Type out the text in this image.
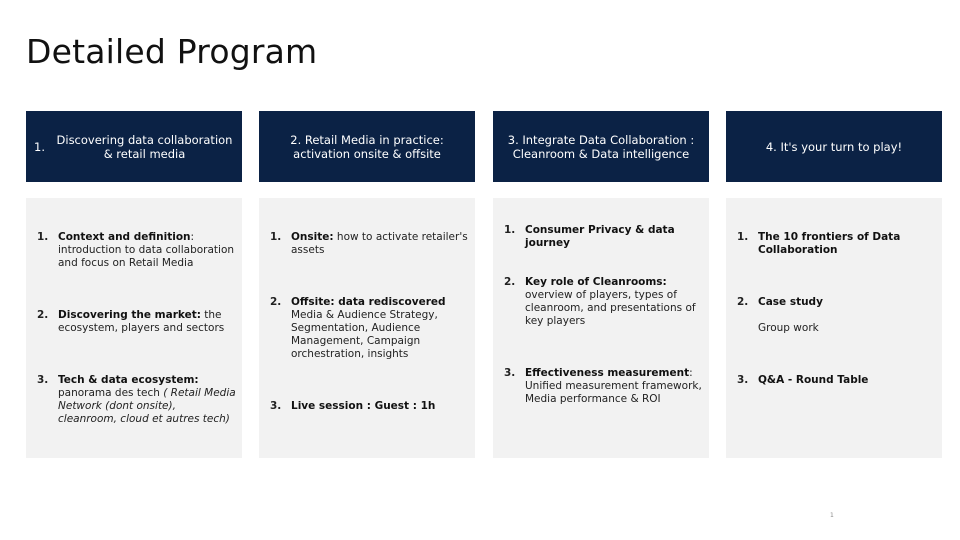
Detailed Program
1. Discovering data collaboration & retail media
1. Context and definition: introduction to data collaboration and focus on Retail Media
2. Discovering the market: the ecosystem, players and sectors
3. Tech & data ecosystem: panorama des tech ( Retail Media Network (dont onsite), cleanroom, cloud et autres tech)
2. Retail Media in practice: activation onsite & offsite
1. Onsite: how to activate retailer's assets
2. Offsite: data rediscovered
Media & Audience Strategy, Segmentation, Audience Management, Campaign orchestration, insights
3. Live session : Guest : 1h
3. Integrate Data Collaboration : Cleanroom & Data intelligence
1. Consumer Privacy & data journey
2. Key role of Cleanrooms:
overview of players, types of cleanroom, and presentations of key players
3. Effectiveness measurement:
Unified measurement framework, Media performance & ROI
4. It's your turn to play!
1. The 10 frontiers of Data Collaboration
2. Case study

Group work
3. Q&A - Round Table
1
